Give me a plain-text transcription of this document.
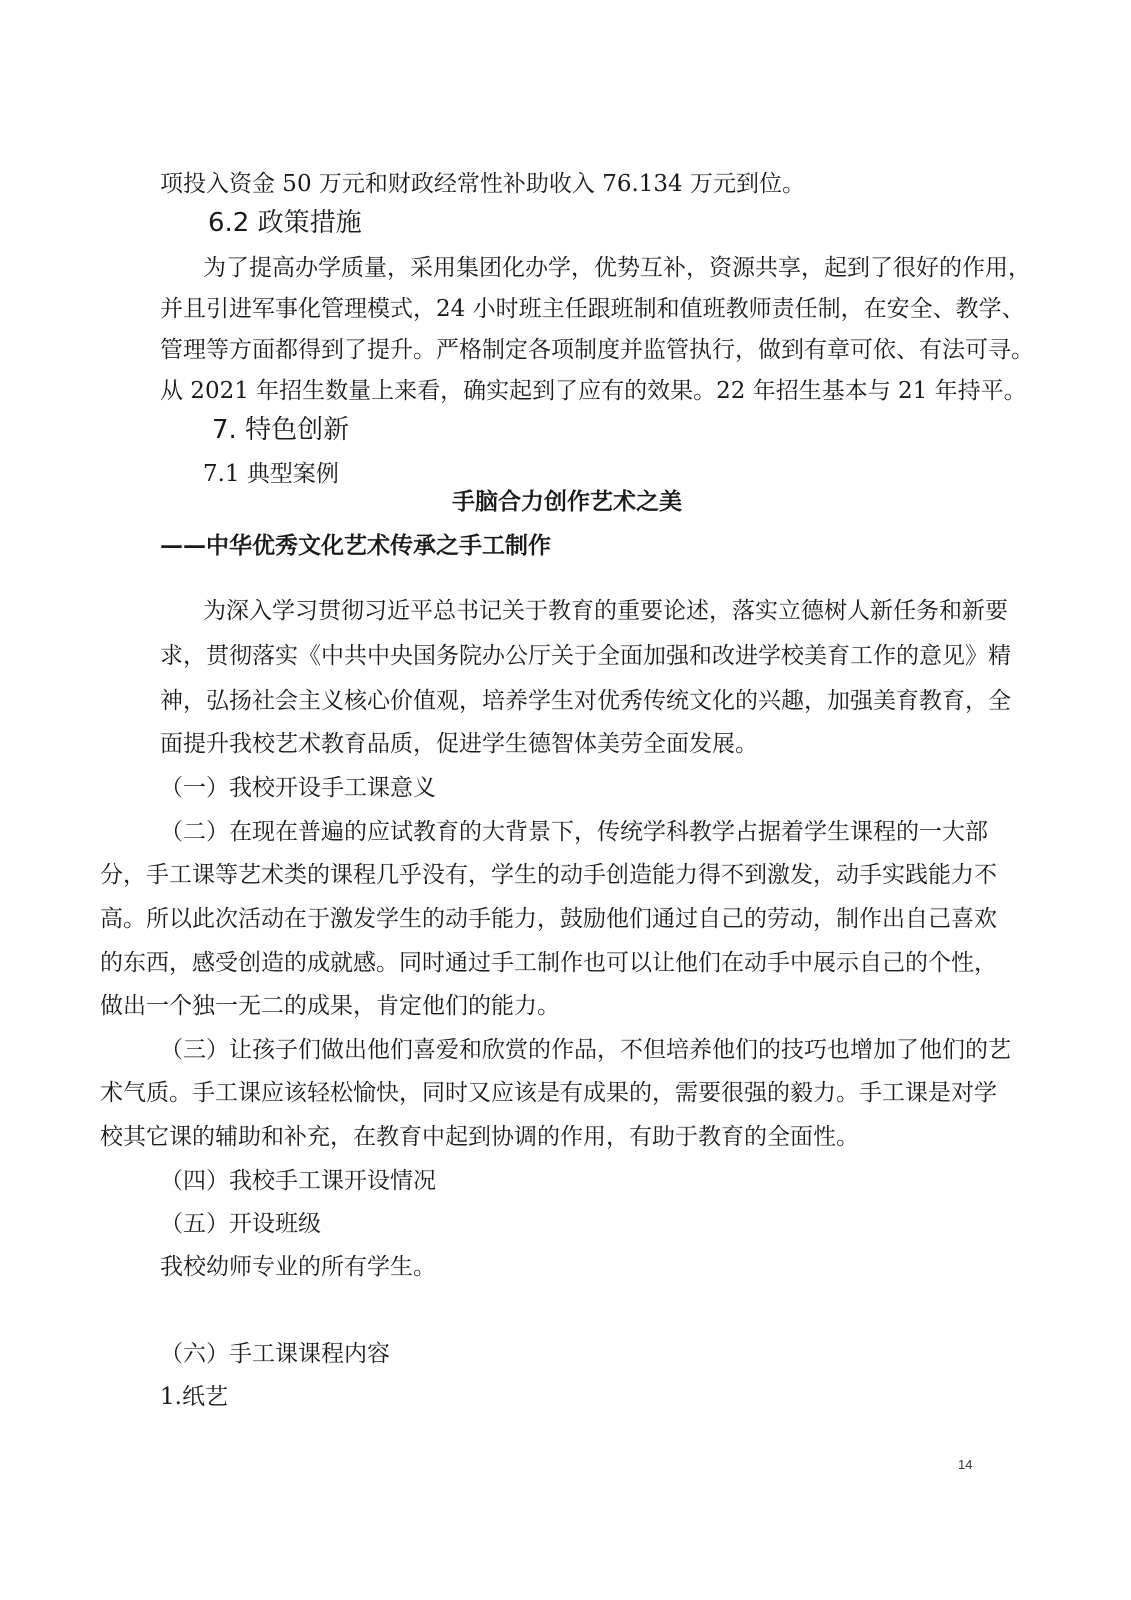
项投入资金 50 万元和财政经常性补助收入 76.134 万元到位。

6.2 政策措施

为了提高办学质量，采用集团化办学，优势互补，资源共享，起到了很好的作用，

并且引进军事化管理模式，24 小时班主任跟班制和值班教师责任制，在安全、教学、

管理等方面都得到了提升。严格制定各项制度并监管执行，做到有章可依、有法可寻。

从 2021 年招生数量上来看，确实起到了应有的效果。22 年招生基本与 21 年持平。

7. 特色创新

7.1 典型案例

手脑合力创作艺术之美
——中华优秀文化艺术传承之手工制作

为深入学习贯彻习近平总书记关于教育的重要论述，落实立德树人新任务和新要

求，贯彻落实《中共中央国务院办公厅关于全面加强和改进学校美育工作的意见》精

神，弘扬社会主义核心价值观，培养学生对优秀传统文化的兴趣，加强美育教育，全

面提升我校艺术教育品质，促进学生德智体美劳全面发展。

（一）我校开设手工课意义

（二）在现在普遍的应试教育的大背景下，传统学科教学占据着学生课程的一大部

分，手工课等艺术类的课程几乎没有，学生的动手创造能力得不到激发，动手实践能力不

高。所以此次活动在于激发学生的动手能力，鼓励他们通过自己的劳动，制作出自己喜欢

的东西，感受创造的成就感。同时通过手工制作也可以让他们在动手中展示自己的个性，

做出一个独一无二的成果，肯定他们的能力。

（三）让孩子们做出他们喜爱和欣赏的作品，不但培养他们的技巧也增加了他们的艺

术气质。手工课应该轻松愉快，同时又应该是有成果的，需要很强的毅力。手工课是对学

校其它课的辅助和补充，在教育中起到协调的作用，有助于教育的全面性。

（四）我校手工课开设情况

（五）开设班级

我校幼师专业的所有学生。

（六）手工课课程内容

1.纸艺

14
